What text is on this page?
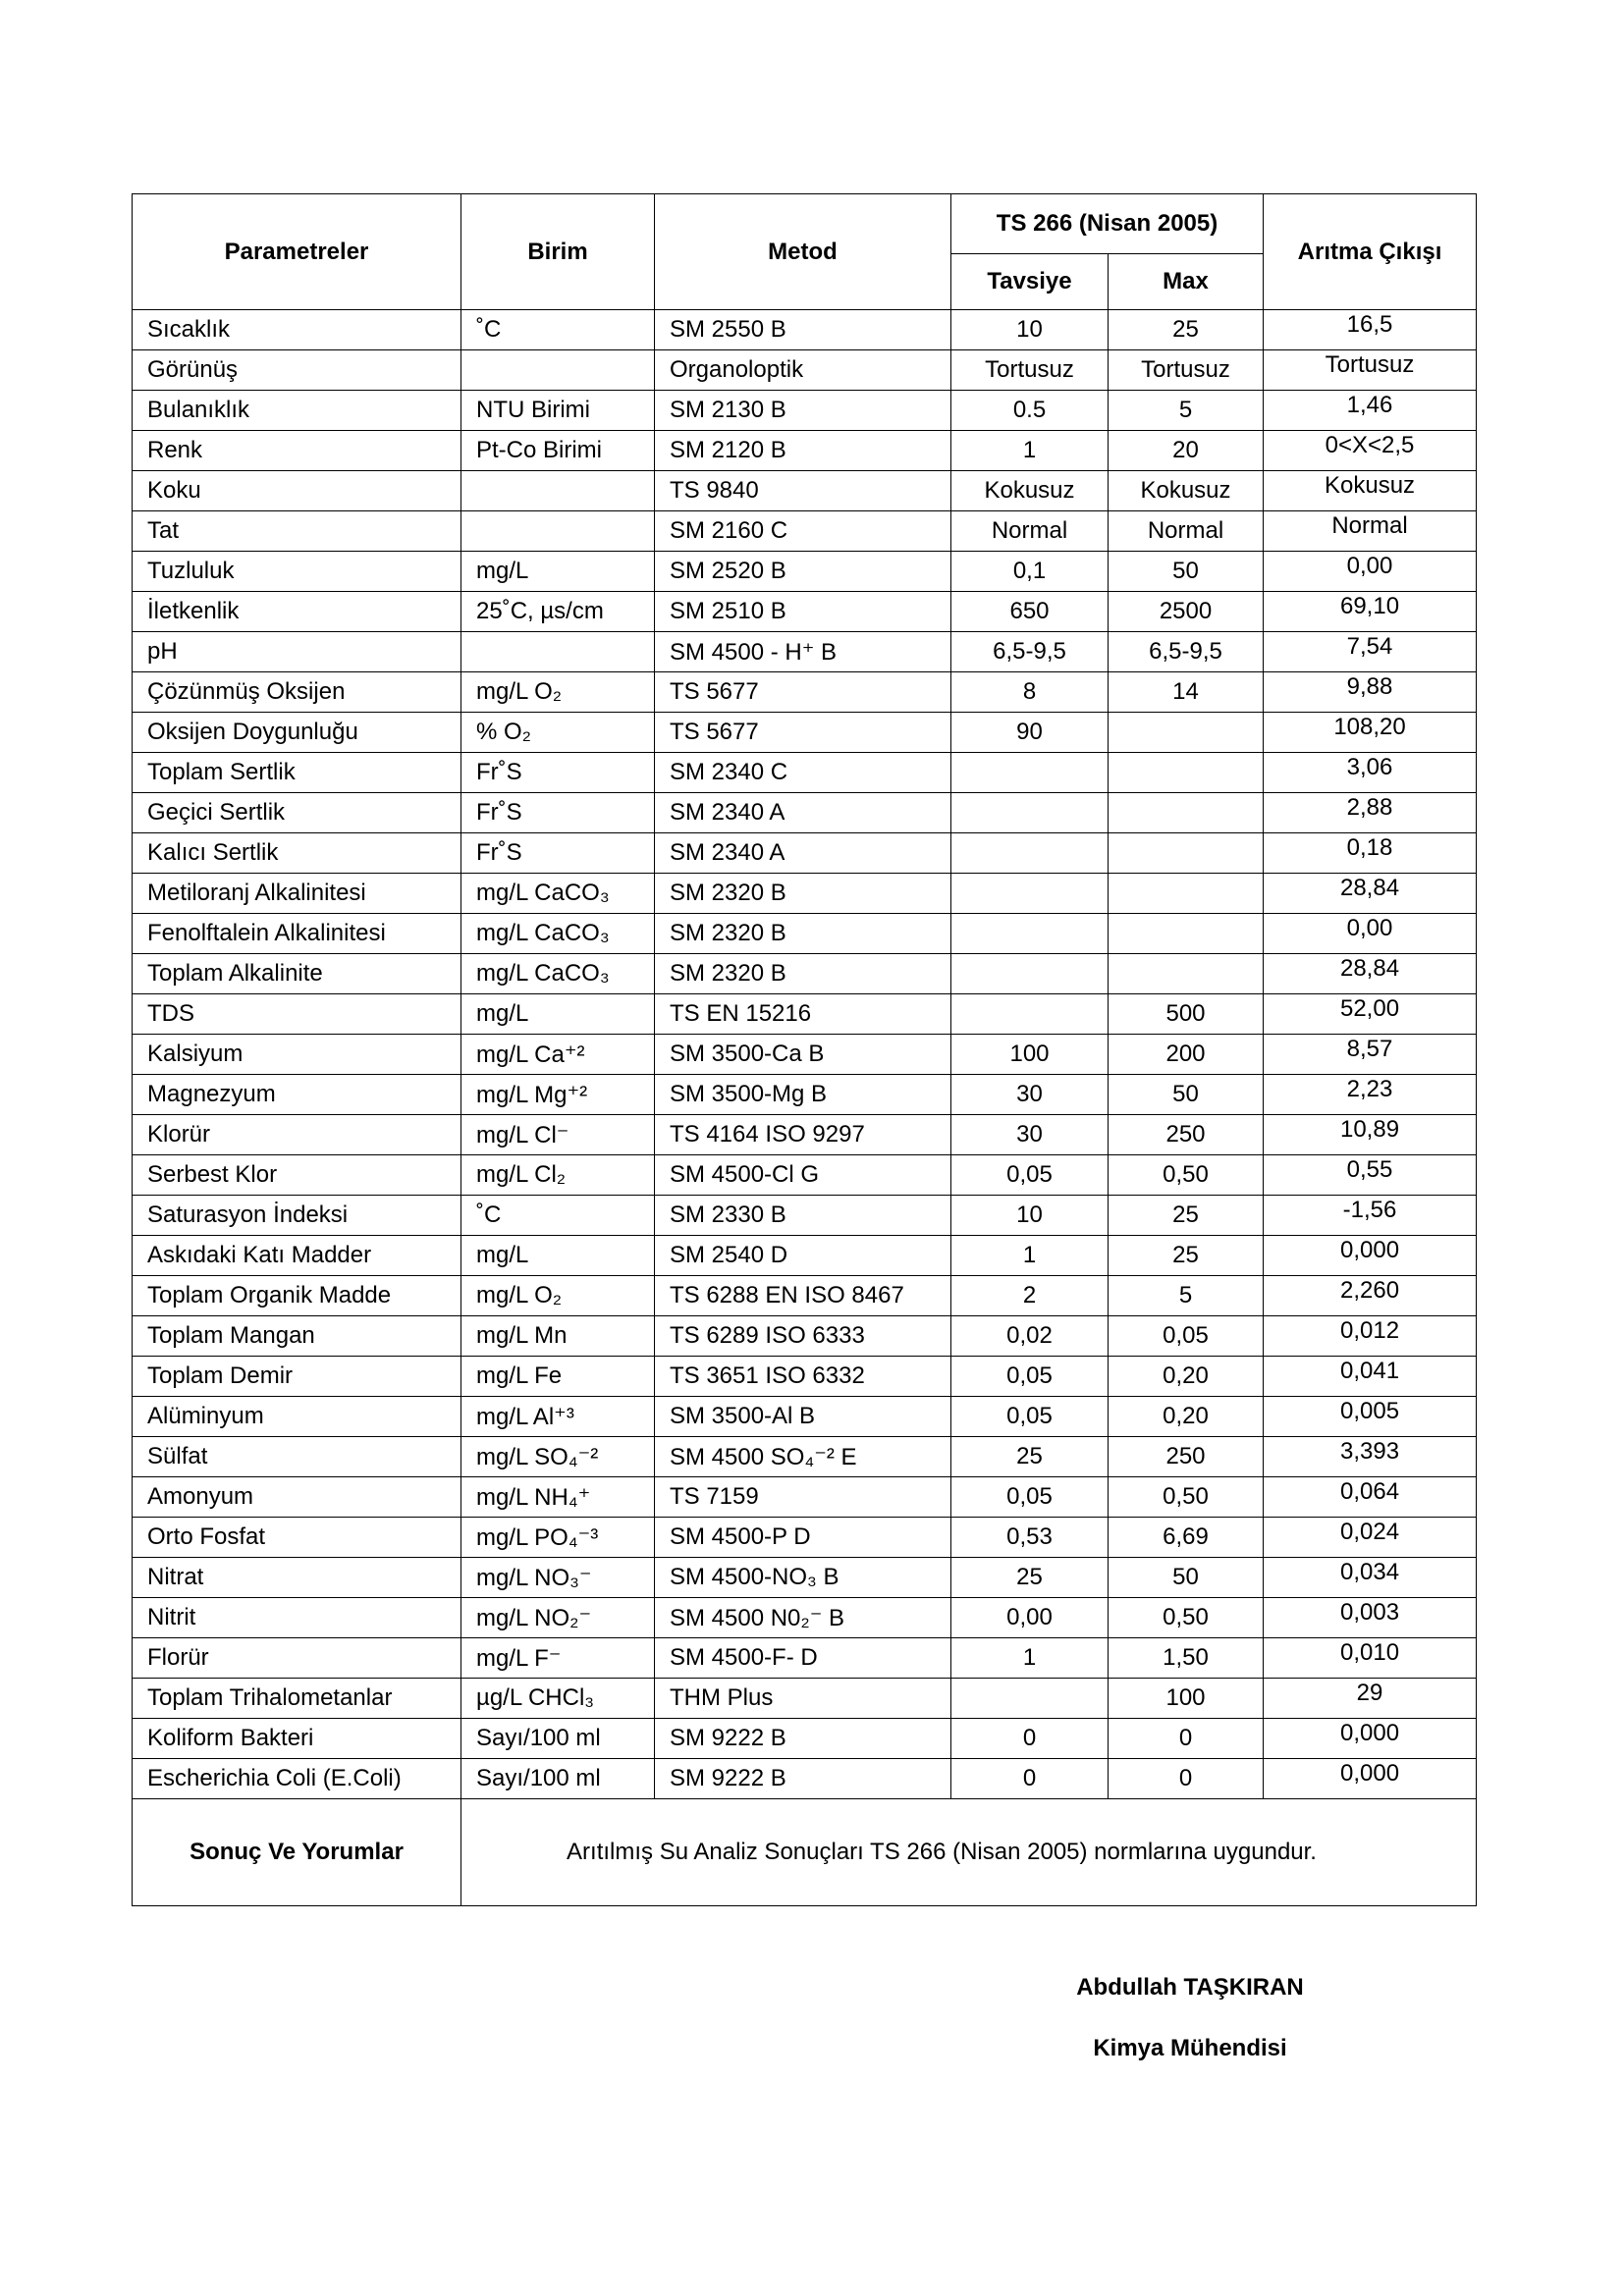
Parametreler	Birim	Metod	TS 266 (Nisan 2005)		Arıtma Çıkışı
			Tavsiye	Max	
Sıcaklık	˚C	SM 2550 B	10	25	16,5
Görünüş		Organoloptik	Tortusuz	Tortusuz	Tortusuz
Bulanıklık	NTU Birimi	SM 2130 B	0.5	5	1,46
Renk	Pt-Co Birimi	SM 2120 B	1	20	0<X<2,5
Koku		TS 9840	Kokusuz	Kokusuz	Kokusuz
Tat		SM 2160 C	Normal	Normal	Normal
Tuzluluk	mg/L	SM 2520 B	0,1	50	0,00
İletkenlik	25˚C, µs/cm	SM 2510 B	650	2500	69,10
pH		SM 4500 - H⁺ B	6,5-9,5	6,5-9,5	7,54
Çözünmüş Oksijen	mg/L O₂	TS 5677	8	14	9,88
Oksijen Doygunluğu	% O₂	TS 5677	90		108,20
Toplam Sertlik	Fr˚S	SM 2340 C			3,06
Geçici Sertlik	Fr˚S	SM 2340 A			2,88
Kalıcı Sertlik	Fr˚S	SM 2340 A			0,18
Metiloranj Alkalinitesi	mg/L CaCO₃	SM 2320 B			28,84
Fenolftalein Alkalinitesi	mg/L CaCO₃	SM 2320 B			0,00
Toplam Alkalinite	mg/L CaCO₃	SM 2320 B			28,84
TDS	mg/L	TS EN 15216		500	52,00
Kalsiyum	mg/L Ca⁺²	SM 3500-Ca B	100	200	8,57
Magnezyum	mg/L Mg⁺²	SM 3500-Mg B	30	50	2,23
Klorür	mg/L Cl⁻	TS 4164 ISO 9297	30	250	10,89
Serbest Klor	mg/L Cl₂	SM 4500-Cl G	0,05	0,50	0,55
Saturasyon İndeksi	˚C	SM 2330 B	10	25	-1,56
Askıdaki Katı Madder	mg/L	SM 2540 D	1	25	0,000
Toplam Organik Madde	mg/L O₂	TS 6288 EN ISO 8467	2	5	2,260
Toplam Mangan	mg/L Mn	TS 6289 ISO 6333	0,02	0,05	0,012
Toplam Demir	mg/L Fe	TS 3651 ISO 6332	0,05	0,20	0,041
Alüminyum	mg/L Al⁺³	SM 3500-Al B	0,05	0,20	0,005
Sülfat	mg/L SO₄⁻²	SM 4500 SO₄⁻² E	25	250	3,393
Amonyum	mg/L NH₄⁺	TS 7159	0,05	0,50	0,064
Orto Fosfat	mg/L PO₄⁻³	SM 4500-P D	0,53	6,69	0,024
Nitrat	mg/L NO₃⁻	SM 4500-NO₃ B	25	50	0,034
Nitrit	mg/L NO₂⁻	SM 4500 N0₂⁻ B	0,00	0,50	0,003
Florür	mg/L F⁻	SM 4500-F- D	1	1,50	0,010
Toplam Trihalometanlar	µg/L CHCl₃	THM Plus		100	29
Koliform Bakteri	Sayı/100 ml	SM 9222 B	0	0	0,000
Escherichia Coli (E.Coli)	Sayı/100 ml	SM 9222 B	0	0	0,000
Sonuç Ve Yorumlar	Arıtılmış Su Analiz Sonuçları TS 266 (Nisan 2005) normlarına uygundur.				
Abdullah TAŞKIRAN
Kimya Mühendisi
